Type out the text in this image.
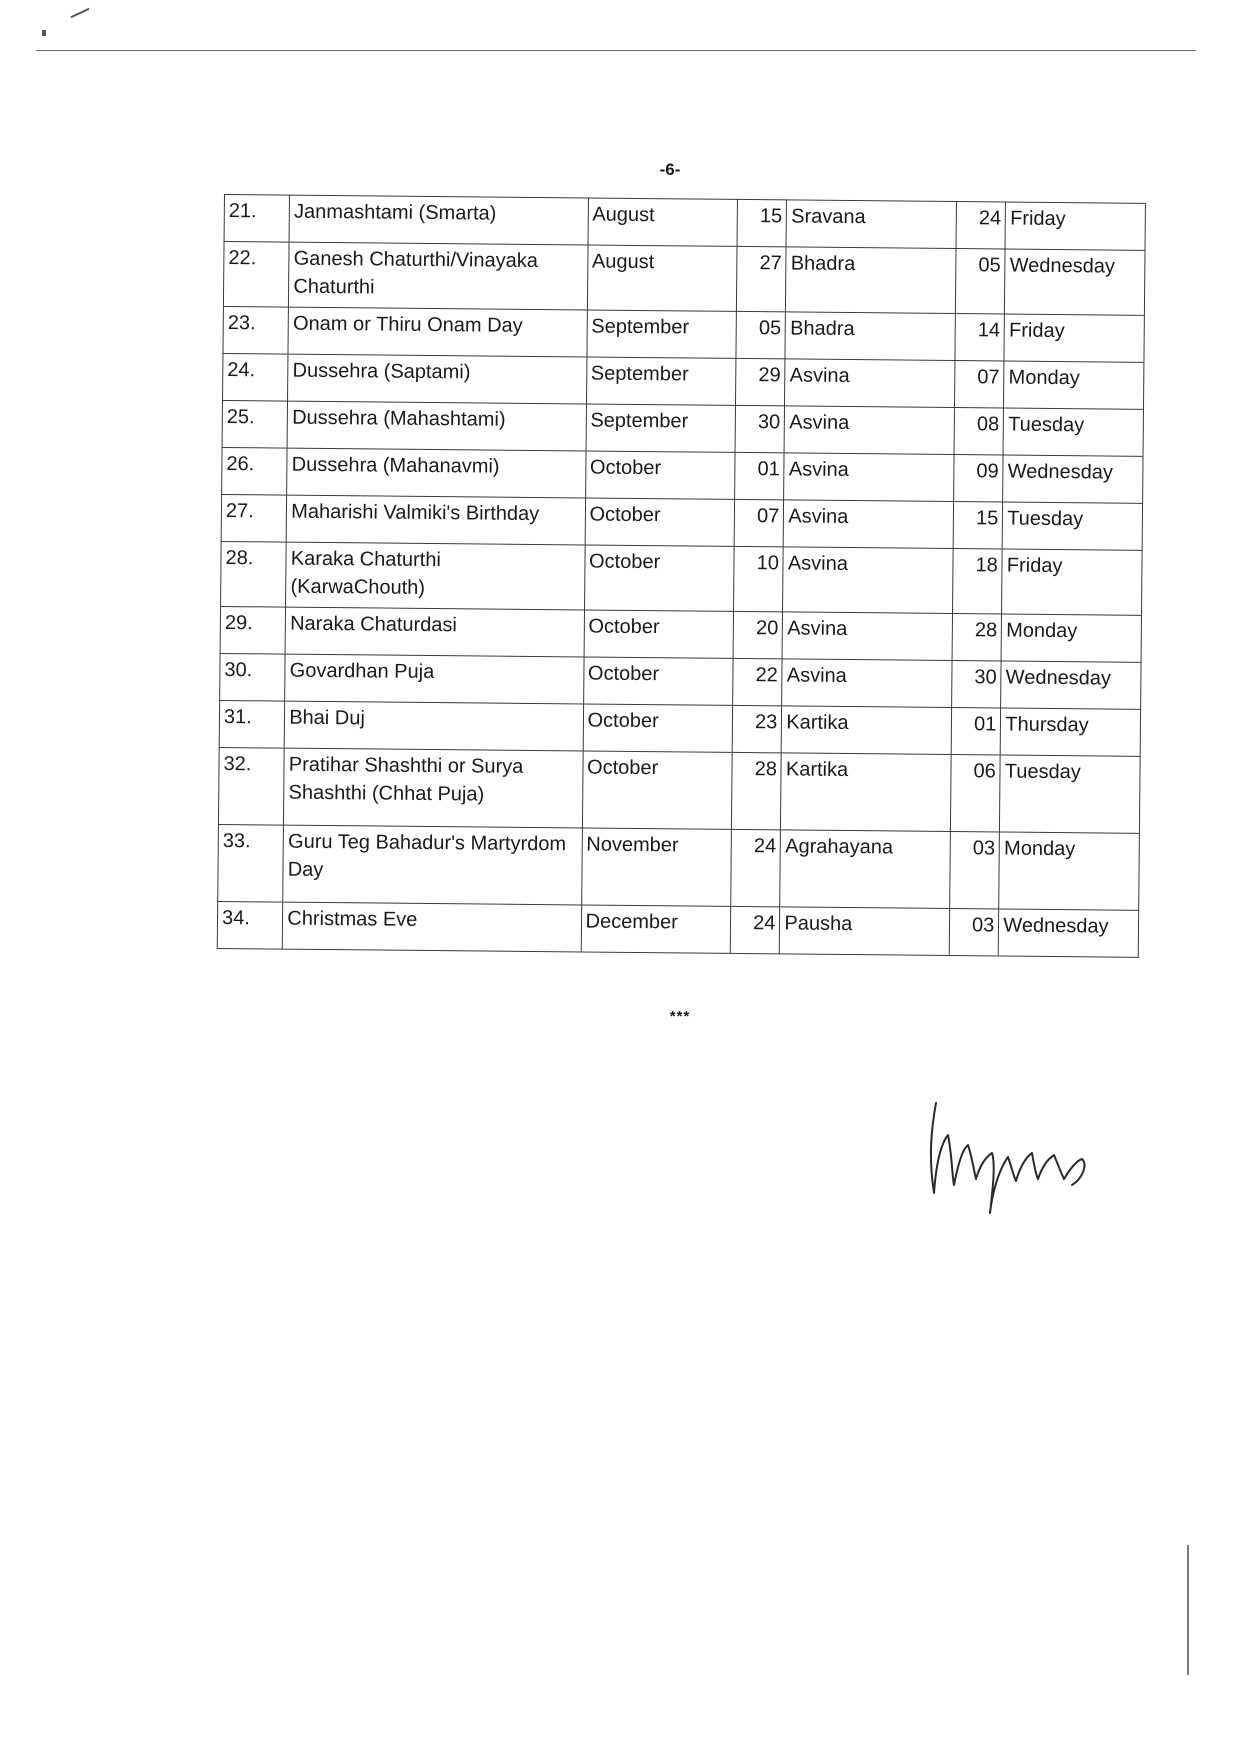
-6-
21.	Janmashtami (Smarta)	August	15	Sravana	24	Friday
22.	Ganesh Chaturthi/Vinayaka Chaturthi	August	27	Bhadra	05	Wednesday
23.	Onam or Thiru Onam Day	September	05	Bhadra	14	Friday
24.	Dussehra (Saptami)	September	29	Asvina	07	Monday
25.	Dussehra (Mahashtami)	September	30	Asvina	08	Tuesday
26.	Dussehra (Mahanavmi)	October	01	Asvina	09	Wednesday
27.	Maharishi Valmiki's Birthday	October	07	Asvina	15	Tuesday
28.	Karaka Chaturthi (KarwaChouth)	October	10	Asvina	18	Friday
29.	Naraka Chaturdasi	October	20	Asvina	28	Monday
30.	Govardhan Puja	October	22	Asvina	30	Wednesday
31.	Bhai Duj	October	23	Kartika	01	Thursday
32.	Pratihar Shashthi or Surya Shashthi (Chhat Puja)	October	28	Kartika	06	Tuesday
33.	Guru Teg Bahadur's Martyrdom Day	November	24	Agrahayana	03	Monday
34.	Christmas Eve	December	24	Pausha	03	Wednesday
***
